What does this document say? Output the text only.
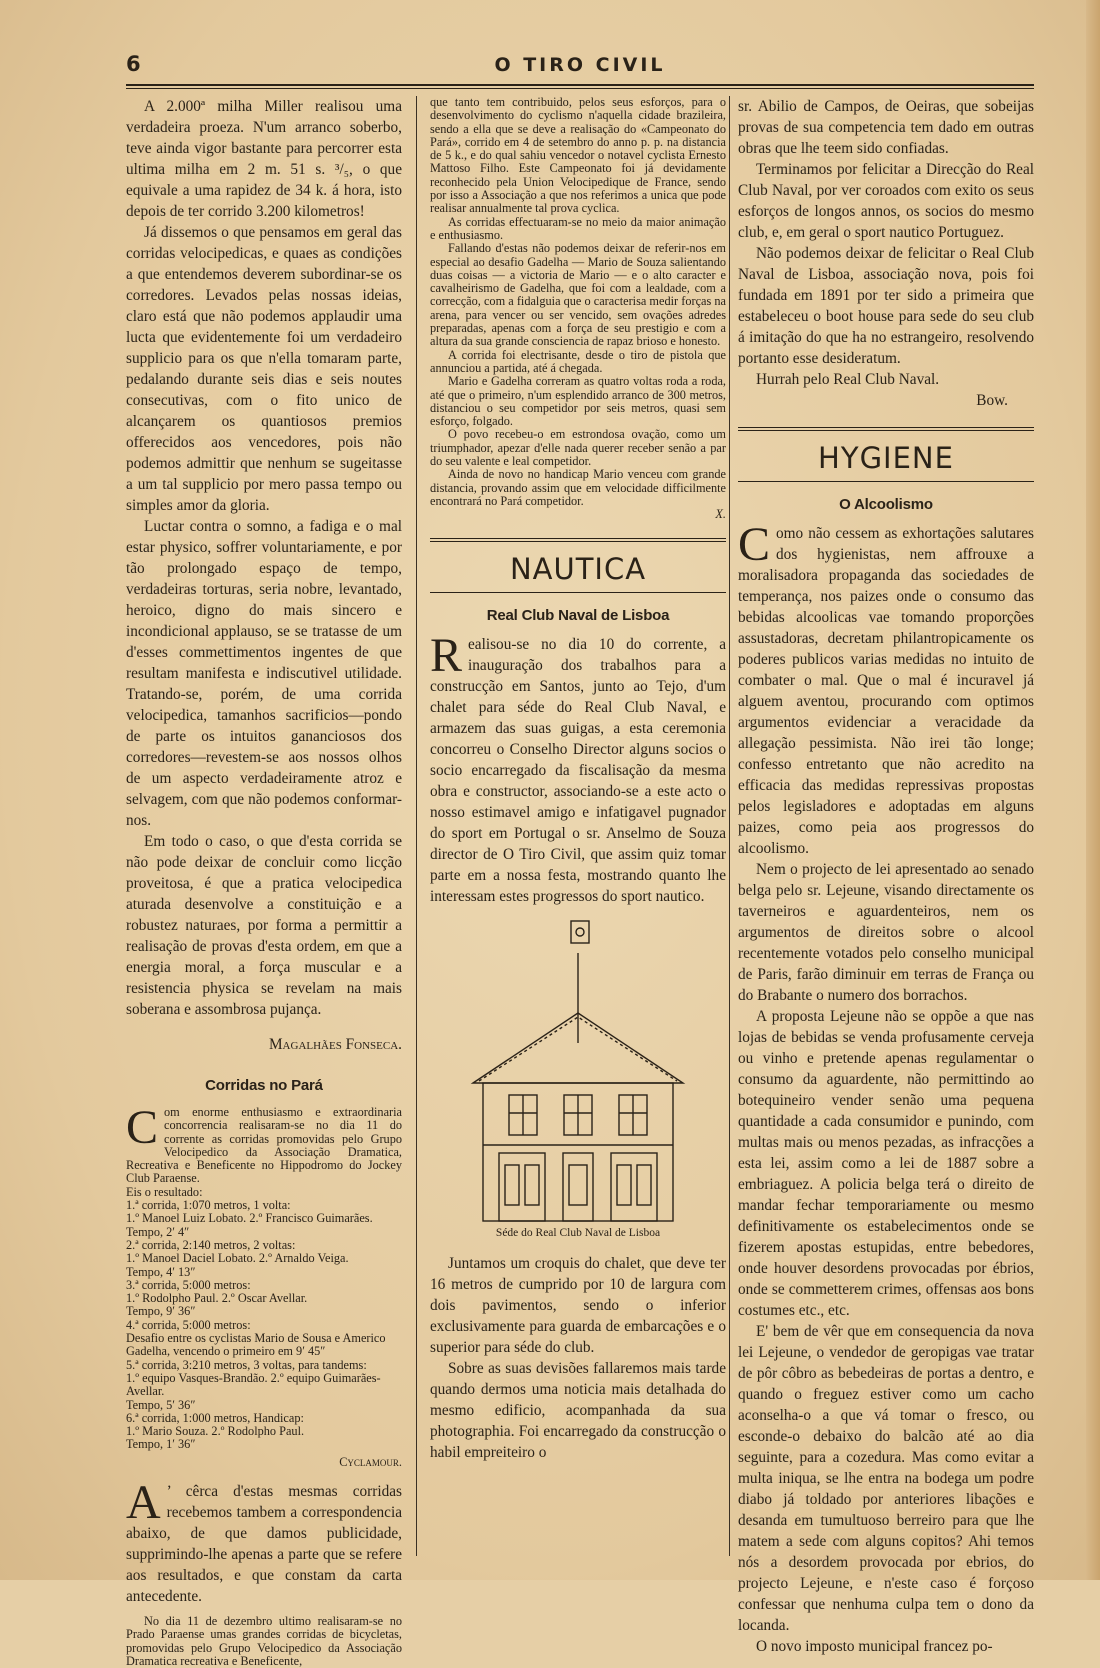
O TIRO CIVIL
6

A 2.000ª milha Miller realisou uma verdadeira proeza. N'um arranco soberbo, teve ainda vigor bastante para percorrer esta ultima milha em 2 m. 51 s. ³/₅, o que equivale a uma rapidez de 34 k. á hora, isto depois de ter corrido 3.200 kilometros!

Já dissemos o que pensamos em geral das corridas velocipedicas, e quaes as condições a que entendemos deverem subordinar-se os corredores. Levados pelas nossas ideias, claro está que não podemos applaudir uma lucta que evidentemente foi um verdadeiro supplicio para os que n'ella tomaram parte, pedalando durante seis dias e seis noutes consecutivas, com o fito unico de alcançarem os quantiosos premios offerecidos aos vencedores, pois não podemos admittir que nenhum se sugeitasse a um tal supplicio por mero passa tempo ou simples amor da gloria.

Luctar contra o somno, a fadiga e o mal estar physico, soffrer voluntariamente, e por tão prolongado espaço de tempo, verdadeiras torturas, seria nobre, levantado, heroico, digno do mais sincero e incondicional applauso, se se tratasse de um d'esses commettimentos ingentes de que resultam manifesta e indiscutivel utilidade. Tratando-se, porém, de uma corrida velocipedica, tamanhos sacrificios—pondo de parte os intuitos gananciosos dos corredores—revestem-se aos nossos olhos de um aspecto verdadeiramente atroz e selvagem, com que não podemos conformar-nos.

Em todo o caso, o que d'esta corrida se não pode deixar de concluir como licção proveitosa, é que a pratica velocipedica aturada desenvolve a constituição e a robustez naturaes, por forma a permittir a realisação de provas d'esta ordem, em que a energia moral, a força muscular e a resistencia physica se revelam na mais soberana e assombrosa pujança.

Magalhães Fonseca.

Corridas no Pará

Com enorme enthusiasmo e extraordinaria concorrencia realisaram-se no dia 11 do corrente as corridas promovidas pelo Grupo Velocipedico da Associação Dramatica, Recreativa e Beneficente no Hippodromo do Jockey Club Paraense.

Eis o resultado:
1.ª corrida, 1:070 metros, 1 volta:
1.º Manoel Luiz Lobato. 2.º Francisco Guimarães.
Tempo, 2′ 4″
2.ª corrida, 2:140 metros, 2 voltas:
1.º Manoel Daciel Lobato. 2.º Arnaldo Veiga.
Tempo, 4′ 13″
3.ª corrida, 5:000 metros:
1.º Rodolpho Paul. 2.º Oscar Avellar.
Tempo, 9′ 36″
4.ª corrida, 5:000 metros:
Desafio entre os cyclistas Mario de Sousa e Americo Gadelha, vencendo o primeiro em 9′ 45″
5.ª corrida, 3:210 metros, 3 voltas, para tandems:
1.º equipo Vasques-Brandão. 2.º equipo Guimarães-Avellar.
Tempo, 5′ 36″
6.ª corrida, 1:000 metros, Handicap:
1.º Mario Souza. 2.º Rodolpho Paul.
Tempo, 1′ 36″

Cyclamour.

A ’ cêrca d'estas mesmas corridas recebemos tambem a correspondencia abaixo, de que damos publicidade, supprimindo-lhe apenas a parte que se refere aos resultados, e que constam da carta antecedente.

No dia 11 de dezembro ultimo realisaram-se no Prado Paraense umas grandes corridas de bicycletas, promovidas pelo Grupo Velocipedico da Associação Dramatica recreativa e Beneficente,

que tanto tem contribuido, pelos seus esforços, para o desenvolvimento do cyclismo n'aquella cidade brazileira, sendo a ella que se deve a realisação do «Campeonato do Pará», corrido em 4 de setembro do anno p. p. na distancia de 5 k., e do qual sahiu vencedor o notavel cyclista Ernesto Mattoso Filho. Este Campeonato foi já devidamente reconhecido pela Union Velocipedique de France, sendo por isso a Associação a que nos referimos a unica que pode realisar annualmente tal prova cyclica.

As corridas effectuaram-se no meio da maior animação e enthusiasmo.

Fallando d'estas não podemos deixar de referir-nos em especial ao desafio Gadelha — Mario de Souza salientando duas coisas — a victoria de Mario — e o alto caracter e cavalheirismo de Gadelha, que foi com a lealdade, com a correcção, com a fidalguia que o caracterisa medir forças na arena, para vencer ou ser vencido, sem ovações adredes preparadas, apenas com a força de seu prestigio e com a altura da sua grande consciencia de rapaz brioso e honesto.

A corrida foi electrisante, desde o tiro de pistola que annunciou a partida, até á chegada.

Mario e Gadelha correram as quatro voltas roda a roda, até que o primeiro, n'um esplendido arranco de 300 metros, distanciou o seu competidor por seis metros, quasi sem esforço, folgado.

O povo recebeu-o em estrondosa ovação, como um triumphador, apezar d'elle nada querer receber senão a par do seu valente e leal competidor.

Ainda de novo no handicap Mario venceu com grande distancia, provando assim que em velocidade difficilmente encontrará no Pará competidor.

X.

NAUTICA
Real Club Naval de Lisboa

Realisou-se no dia 10 do corrente, a inauguração dos trabalhos para a construcção em Santos, junto ao Tejo, d'um chalet para séde do Real Club Naval, e armazem das suas guigas, a esta ceremonia concorreu o Conselho Director alguns socios o socio encarregado da fiscalisação da mesma obra e constructor, associando-se a este acto o nosso estimavel amigo e infatigavel pugnador do sport em Portugal o sr. Anselmo de Souza director de O Tiro Civil, que assim quiz tomar parte em a nossa festa, mostrando quanto lhe interessam estes progressos do sport nautico.

Séde do Real Club Naval de Lisboa

Juntamos um croquis do chalet, que deve ter 16 metros de cumprido por 10 de largura com dois pavimentos, sendo o inferior exclusivamente para guarda de embarcações e o superior para séde do club.

Sobre as suas devisões fallaremos mais tarde quando dermos uma noticia mais detalhada do mesmo edificio, acompanhada da sua photographia. Foi encarregado da construcção o habil empreiteiro o

sr. Abilio de Campos, de Oeiras, que sobeijas provas de sua competencia tem dado em outras obras que lhe teem sido confiadas.

Terminamos por felicitar a Direcção do Real Club Naval, por ver coroados com exito os seus esforços de longos annos, os socios do mesmo club, e, em geral o sport nautico Portuguez.

Não podemos deixar de felicitar o Real Club Naval de Lisboa, associação nova, pois foi fundada em 1891 por ter sido a primeira que estabeleceu o boot house para sede do seu club á imitação do que ha no estrangeiro, resolvendo portanto esse desideratum.

Hurrah pelo Real Club Naval.

Bow.

HYGIENE
O Alcoolismo

Como não cessem as exhortações salutares dos hygienistas, nem affrouxe a moralisadora propaganda das sociedades de temperança, nos paizes onde o consumo das bebidas alcoolicas vae tomando proporções assustadoras, decretam philantropicamente os poderes publicos varias medidas no intuito de combater o mal. Que o mal é incuravel já alguem aventou, procurando com optimos argumentos evidenciar a veracidade da allegação pessimista. Não irei tão longe; confesso entretanto que não acredito na efficacia das medidas repressivas propostas pelos legisladores e adoptadas em alguns paizes, como peia aos progressos do alcoolismo.

Nem o projecto de lei apresentado ao senado belga pelo sr. Lejeune, visando directamente os taverneiros e aguardenteiros, nem os argumentos de direitos sobre o alcool recentemente votados pelo conselho municipal de Paris, farão diminuir em terras de França ou do Brabante o numero dos borrachos.

A proposta Lejeune não se oppõe a que nas lojas de bebidas se venda profusamente cerveja ou vinho e pretende apenas regulamentar o consumo da aguardente, não permittindo ao botequineiro vender senão uma pequena quantidade a cada consumidor e punindo, com multas mais ou menos pezadas, as infracções a esta lei, assim como a lei de 1887 sobre a embriaguez. A policia belga terá o direito de mandar fechar temporariamente ou mesmo definitivamente os estabelecimentos onde se fizerem apostas estupidas, entre bebedores, onde houver desordens provocadas por ébrios, onde se commetterem crimes, offensas aos bons costumes etc., etc.

E' bem de vêr que em consequencia da nova lei Lejeune, o vendedor de geropigas vae tratar de pôr côbro as bebedeiras de portas a dentro, e quando o freguez estiver como um cacho aconselha-o a que vá tomar o fresco, ou esconde-o debaixo do balcão até ao dia seguinte, para a cozedura. Mas como evitar a multa iniqua, se lhe entra na bodega um podre diabo já toldado por anteriores libações e desanda em tumultuoso berreiro para que lhe matem a sede com alguns copitos? Ahi temos nós a desordem provocada por ebrios, do projecto Lejeune, e n'este caso é forçoso confessar que nenhuma culpa tem o dono da locanda.

O novo imposto municipal francez po-
